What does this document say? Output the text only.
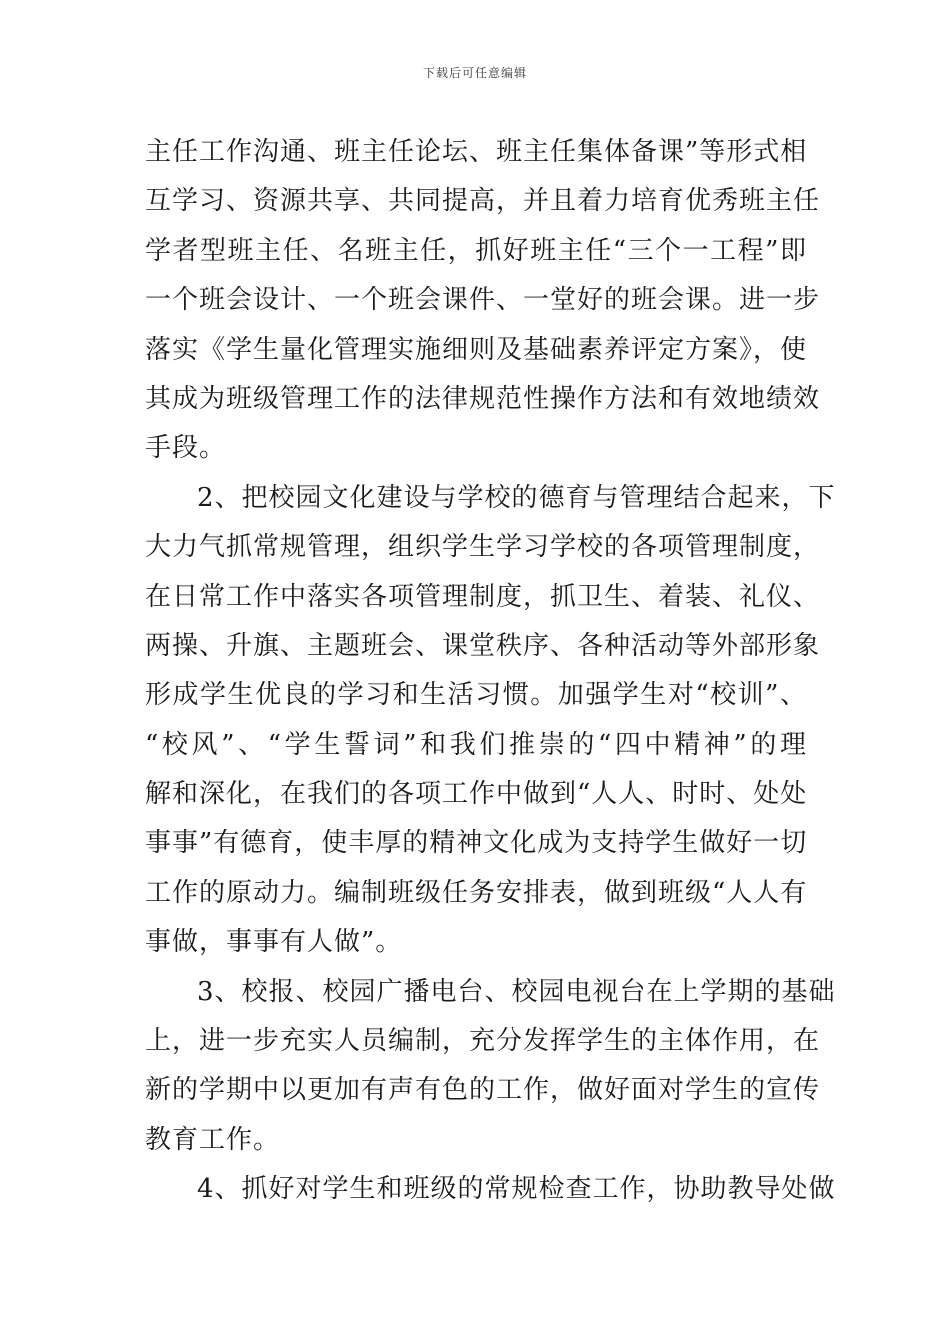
下载后可任意编辑
主任工作沟通、班主任论坛、班主任集体备课”等形式相
互学习、资源共享、共同提高，并且着力培育优秀班主任
学者型班主任、名班主任，抓好班主任“三个一工程”即
一个班会设计、一个班会课件、一堂好的班会课。进一步
落实《学生量化管理实施细则及基础素养评定方案》，使
其成为班级管理工作的法律规范性操作方法和有效地绩效
手段。
2、把校园文化建设与学校的德育与管理结合起来，下
大力气抓常规管理，组织学生学习学校的各项管理制度，
在日常工作中落实各项管理制度，抓卫生、着装、礼仪、
两操、升旗、主题班会、课堂秩序、各种活动等外部形象
形成学生优良的学习和生活习惯。加强学生对“校训”、
“校风”、“学生誓词”和我们推崇的“四中精神”的理
解和深化，在我们的各项工作中做到“人人、时时、处处
事事”有德育，使丰厚的精神文化成为支持学生做好一切
工作的原动力。编制班级任务安排表，做到班级“人人有
事做，事事有人做”。
3、校报、校园广播电台、校园电视台在上学期的基础
上，进一步充实人员编制，充分发挥学生的主体作用，在
新的学期中以更加有声有色的工作，做好面对学生的宣传
教育工作。
4、抓好对学生和班级的常规检查工作，协助教导处做
